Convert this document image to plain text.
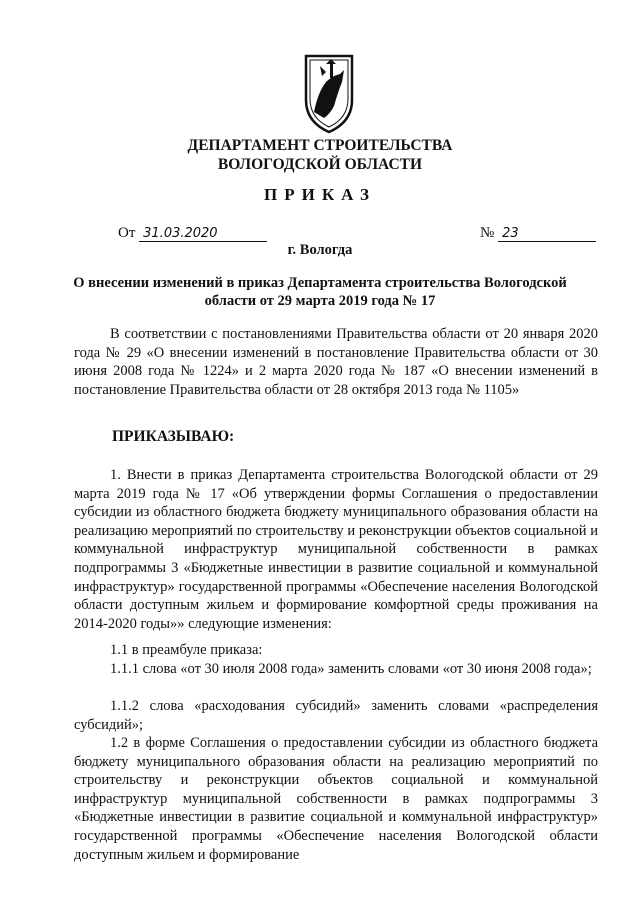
ДЕПАРТАМЕНТ СТРОИТЕЛЬСТВА
ВОЛОГОДСКОЙ ОБЛАСТИ
ПРИКАЗ
От 31.03.2020	№ 23
г. Вологда
О внесении изменений в приказ Департамента строительства Вологодской области от 29 марта 2019 года № 17
В соответствии с постановлениями Правительства области от 20 января 2020 года № 29 «О внесении изменений в постановление Правительства области от 30 июня 2008 года № 1224» и 2 марта 2020 года № 187 «О внесении изменений в постановление Правительства области от 28 октября 2013 года № 1105»
ПРИКАЗЫВАЮ:
1. Внести в приказ Департамента строительства Вологодской области от 29 марта 2019 года № 17 «Об утверждении формы Соглашения о предоставлении субсидии из областного бюджета бюджету муниципального образования области на реализацию мероприятий по строительству и реконструкции объектов социальной и коммунальной инфраструктур муниципальной собственности в рамках подпрограммы 3 «Бюджетные инвестиции в развитие социальной и коммунальной инфраструктур» государственной программы «Обеспечение населения Вологодской области доступным жильем и формирование комфортной среды проживания на 2014-2020 годы»» следующие изменения:
1.1 в преамбуле приказа:
1.1.1 слова «от 30 июля 2008 года» заменить словами «от 30 июня 2008 года»;
1.1.2 слова «расходования субсидий» заменить словами «распределения субсидий»;
1.2 в форме Соглашения о предоставлении субсидии из областного бюджета бюджету муниципального образования области на реализацию мероприятий по строительству и реконструкции объектов социальной и коммунальной инфраструктур муниципальной собственности в рамках подпрограммы 3 «Бюджетные инвестиции в развитие социальной и коммунальной инфраструктур» государственной программы «Обеспечение населения Вологодской области доступным жильем и формирование
